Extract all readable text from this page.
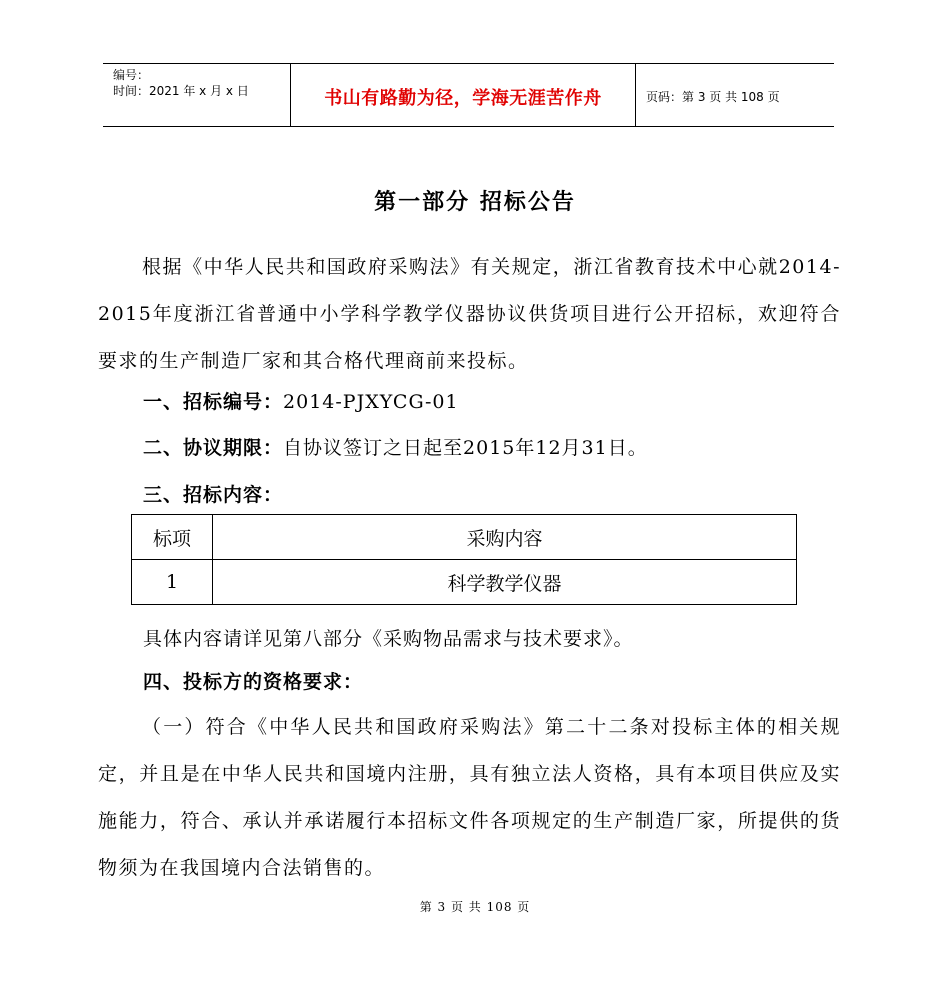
编号：
时间：2021 年 x 月 x 日	书山有路勤为径，学海无涯苦作舟	页码：第 3 页 共 108 页
第一部分 招标公告
根据《中华人民共和国政府采购法》有关规定，浙江省教育技术中心就2014-2015年度浙江省普通中小学科学教学仪器协议供货项目进行公开招标，欢迎符合要求的生产制造厂家和其合格代理商前来投标。
一、招标编号：2014-PJXYCG-01
二、协议期限：自协议签订之日起至2015年12月31日。
三、招标内容：
标项	采购内容
1	科学教学仪器
具体内容请详见第八部分《采购物品需求与技术要求》。
四、投标方的资格要求：
（一）符合《中华人民共和国政府采购法》第二十二条对投标主体的相关规定，并且是在中华人民共和国境内注册，具有独立法人资格，具有本项目供应及实施能力，符合、承认并承诺履行本招标文件各项规定的生产制造厂家，所提供的货物须为在我国境内合法销售的。
第 3 页 共 108 页
